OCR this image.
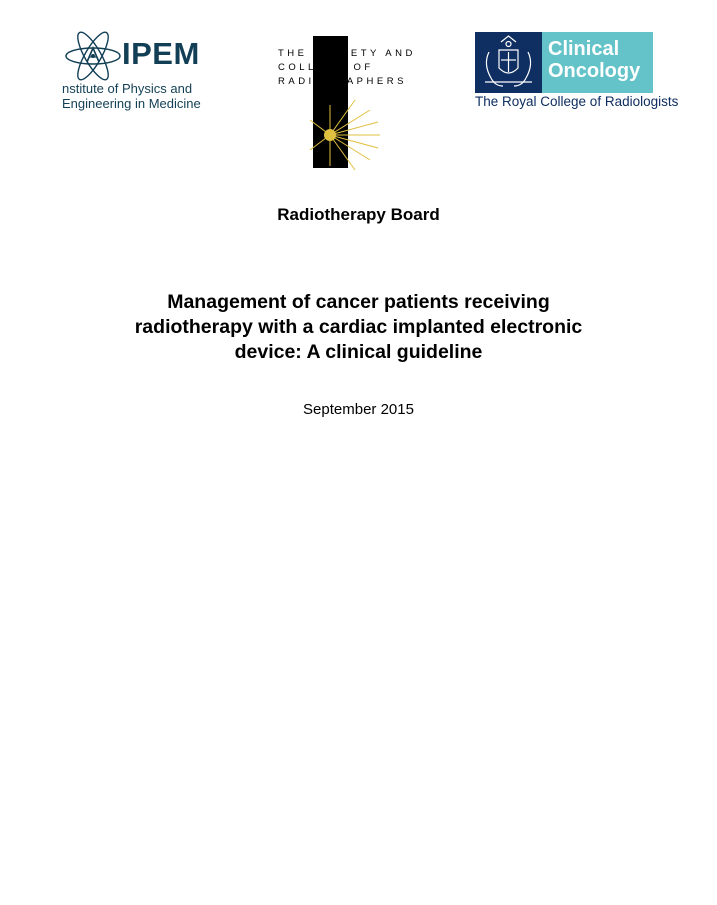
IPEM
nstitute of Physics and
Engineering in Medicine
THE SOCIETY AND
COLLEGE OF
RADIOGRAPHERS
Clinical
Oncology
The Royal College of Radiologists
Radiotherapy Board
Management of cancer patients receiving
radiotherapy with a cardiac implanted electronic
device: A clinical guideline
September 2015
